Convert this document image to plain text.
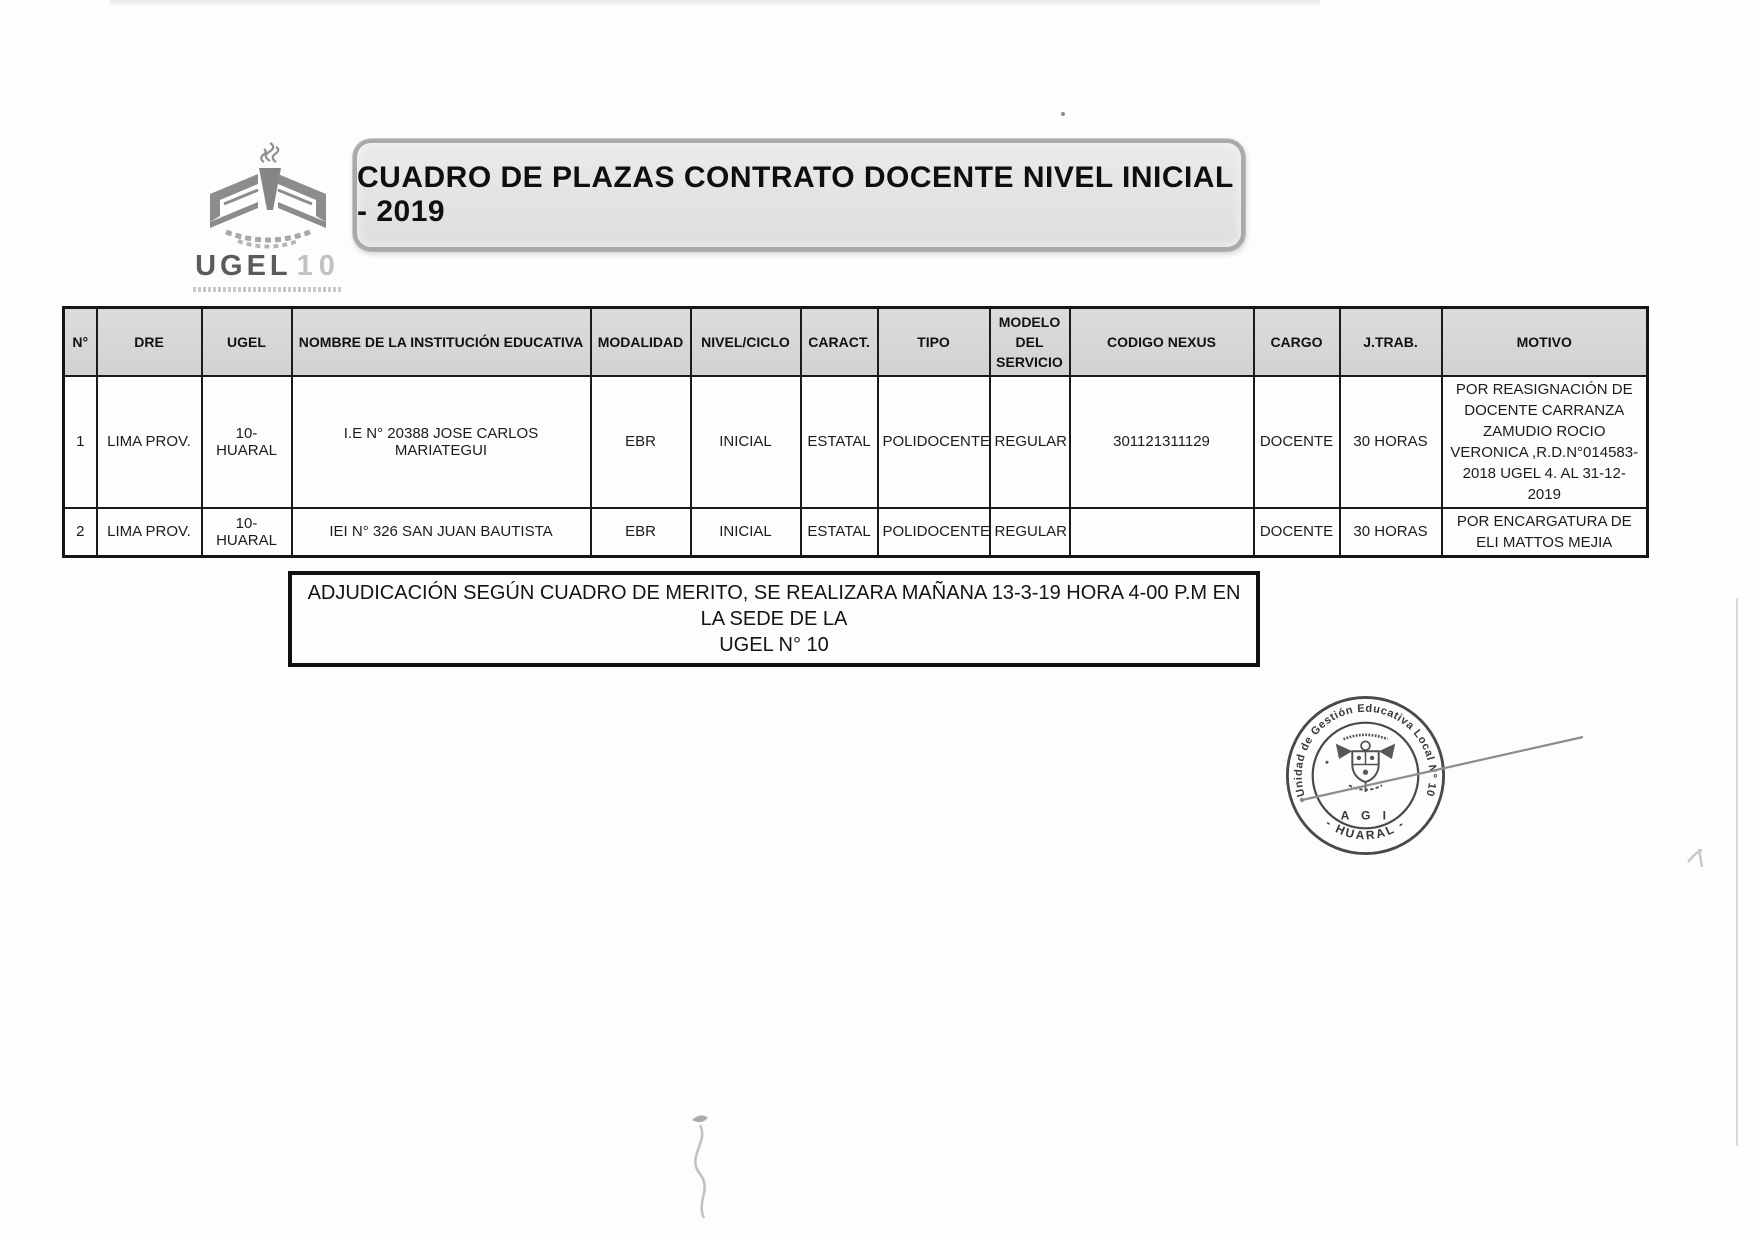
UGEL 10
CUADRO DE PLAZAS CONTRATO DOCENTE NIVEL INICIAL - 2019
N°	DRE	UGEL	NOMBRE DE LA INSTITUCIÓN EDUCATIVA	MODALIDAD	NIVEL/CICLO	CARACT.	TIPO	MODELO DEL SERVICIO	CODIGO NEXUS	CARGO	J.TRAB.	MOTIVO
1	LIMA PROV.	10-HUARAL	I.E N° 20388 JOSE CARLOS MARIATEGUI	EBR	INICIAL	ESTATAL	POLIDOCENTE	REGULAR	301121311129	DOCENTE	30 HORAS	POR REASIGNACIÓN DE DOCENTE CARRANZA ZAMUDIO ROCIO VERONICA ,R.D.N°014583-2018 UGEL 4. AL 31-12-2019
2	LIMA PROV.	10-HUARAL	IEI N° 326 SAN JUAN BAUTISTA	EBR	INICIAL	ESTATAL	POLIDOCENTE	REGULAR		DOCENTE	30 HORAS	POR ENCARGATURA DE ELI MATTOS MEJIA
ADJUDICACIÓN SEGÚN CUADRO DE MERITO, SE REALIZARA MAÑANA 13-3-19 HORA 4-00 P.M EN LA SEDE DE LA
UGEL N° 10
Unidad de Gestión Educativa Local N° 10
- HUARAL -
A G I
